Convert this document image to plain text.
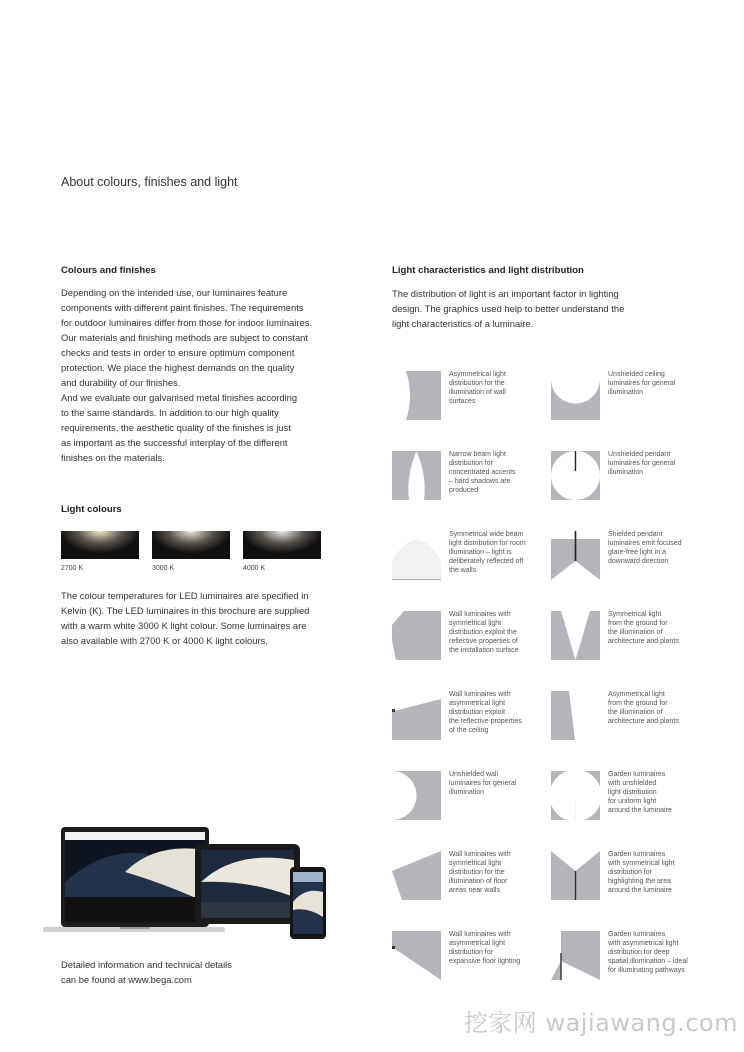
About colours, finishes and light
Colours and finishes
Depending on the intended use, our luminaires feature
components with different paint finishes. The requirements
for outdoor luminaires differ from those for indoor luminaires.
Our materials and finishing methods are subject to constant
checks and tests in order to ensure optimum component
protection. We place the highest demands on the quality
and durability of our finishes.
And we evaluate our galvanised metal finishes according
to the same standards. In addition to our high quality
requirements, the aesthetic quality of the finishes is just
as important as the successful interplay of the different
finishes on the materials.
Light colours
2700 K	3000 K	4000 K
The colour temperatures for LED luminaires are specified in
Kelvin (K). The LED luminaires in this brochure are supplied
with a warm white 3000 K light colour. Some luminaires are
also available with 2700 K or 4000 K light colours.
Light characteristics and light distribution
The distribution of light is an important factor in lighting
design. The graphics used help to better understand the
light characteristics of a luminaire.
Asymmetrical light
distribution for the
illumination of wall
surfaces
Unshielded ceiling
luminaires for general
illumination
Narrow beam light
distribution for
concentrated accents
– hard shadows are
produced
Unshielded pendant
luminaires for general
illumination
Symmetrical wide beam
light distribution for room
illumination – light is
deliberately reflected off
the walls
Shielded pendant
luminaires emit focused
glare-free light in a
downward direction
Wall luminaires with
symmetrical light
distribution exploit the
reflective properties of
the installation surface
Symmetrical light
from the ground for
the illumination of
architecture and plants
Wall luminaires with
asymmetrical light
distribution exploit
the reflective properties
of the ceiling
Asymmetrical light
from the ground for
the illumination of
architecture and plants
Unshielded wall
luminaires for general
illumination
Garden luminaires
with unshielded
light distribution
for uniform light
around the luminaire
Wall luminaires with
symmetrical light
distribution for the
illumination of floor
areas near walls
Garden luminaires
with symmetrical light
distribution for
highlighting the area
around the luminaire
Wall luminaires with
asymmetrical light
distribution for
expansive floor lighting
Garden luminaires
with asymmetrical light
distribution for deep
spatial illumination – ideal
for illuminating pathways
Detailed information and technical details
can be found at www.bega.com
挖家网 wajiawang.com
